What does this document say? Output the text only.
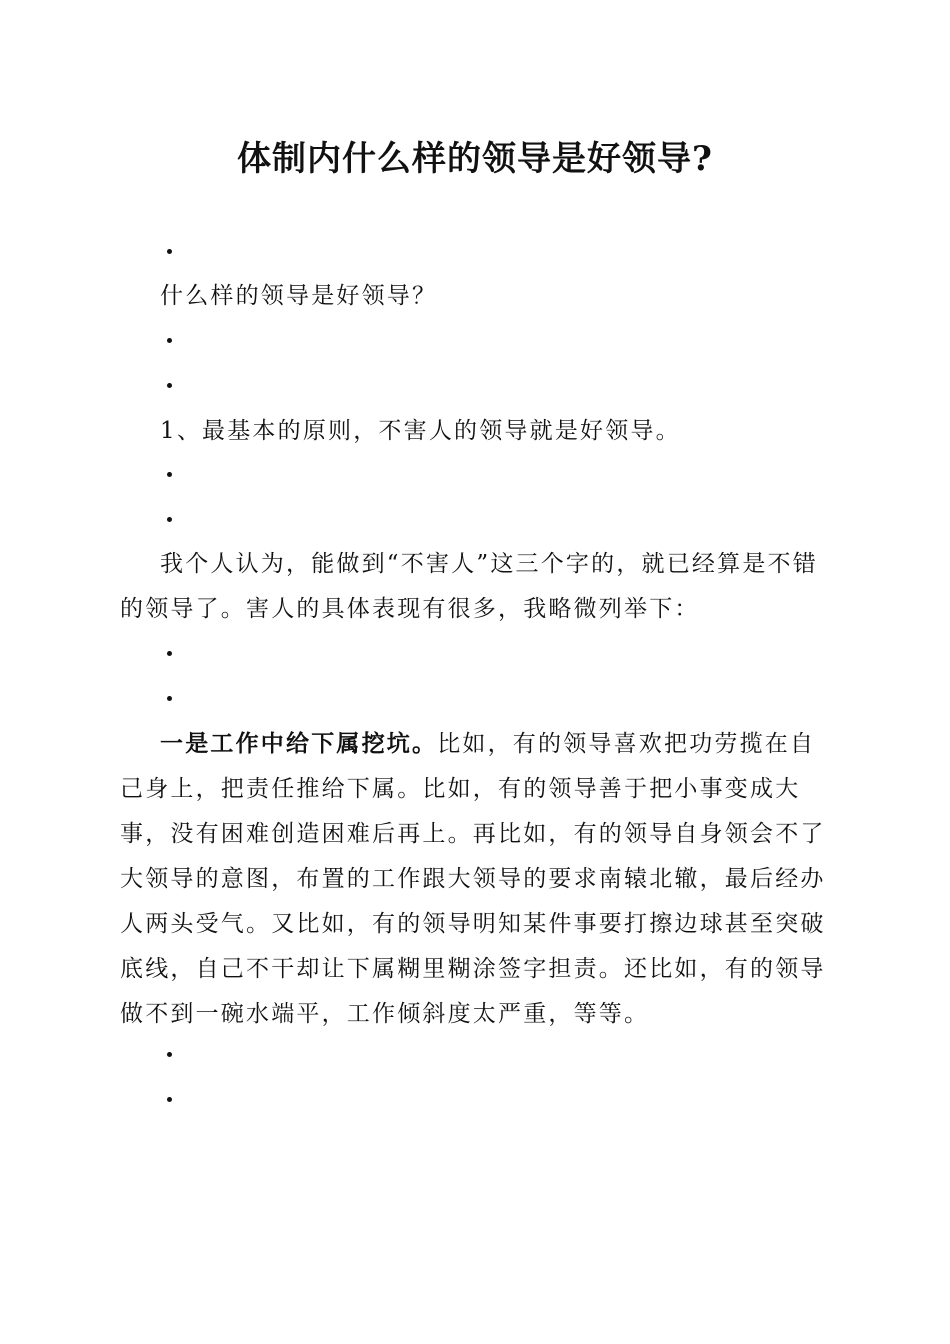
体制内什么样的领导是好领导?

什么样的领导是好领导？

1、最基本的原则，不害人的领导就是好领导。

我个人认为，能做到“不害人”这三个字的，就已经算是不错的领导了。害人的具体表现有很多，我略微列举下：

一是工作中给下属挖坑。比如，有的领导喜欢把功劳揽在自己身上，把责任推给下属。比如，有的领导善于把小事变成大事，没有困难创造困难后再上。再比如，有的领导自身领会不了大领导的意图，布置的工作跟大领导的要求南辕北辙，最后经办人两头受气。又比如，有的领导明知某件事要打擦边球甚至突破底线，自己不干却让下属糊里糊涂签字担责。还比如，有的领导做不到一碗水端平，工作倾斜度太严重，等等。
